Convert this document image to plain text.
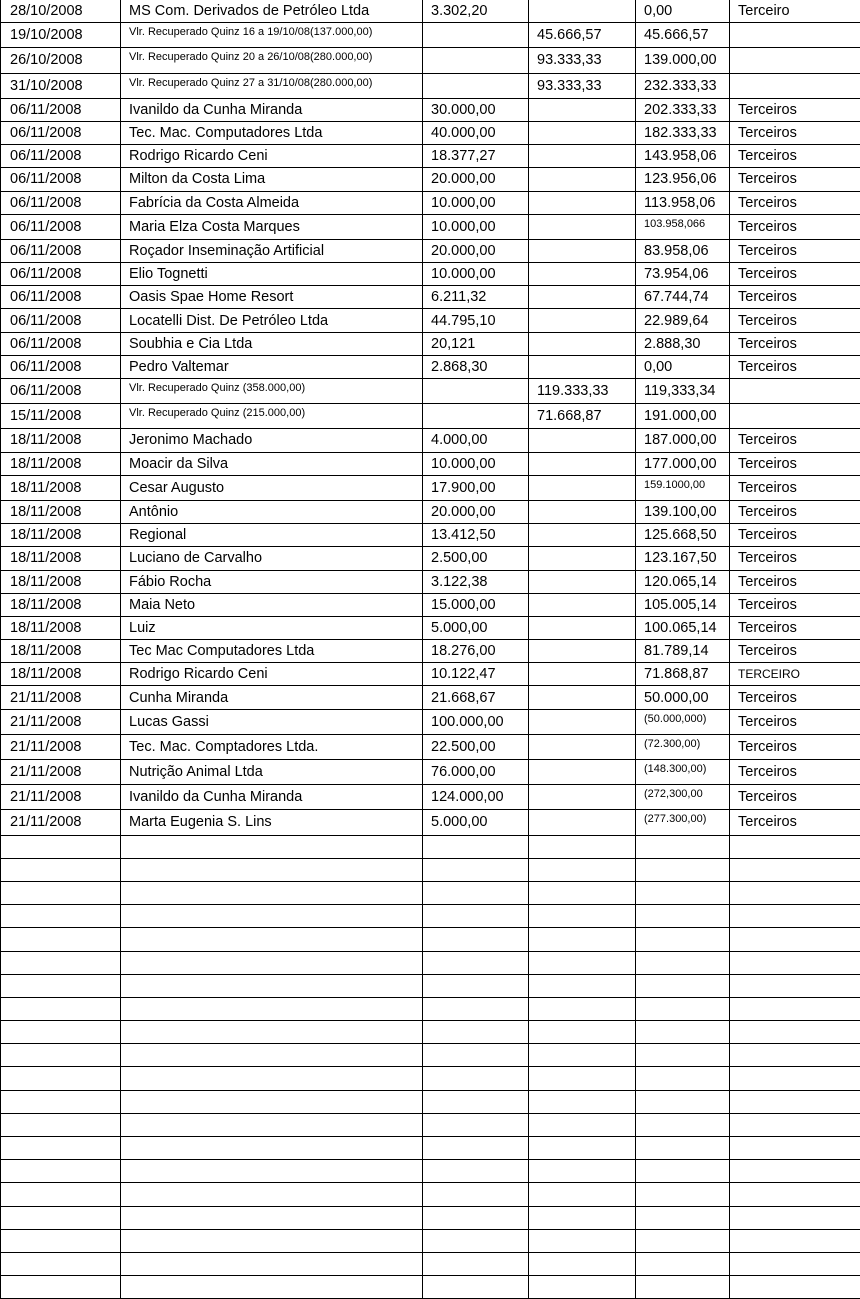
28/10/2008	MS Com. Derivados de Petróleo Ltda	3.302,20		0,00	Terceiro
19/10/2008	Vlr. Recuperado Quinz 16 a 19/10/08(137.000,00)		45.666,57	45.666,57	
26/10/2008	Vlr. Recuperado Quinz 20 a 26/10/08(280.000,00)		93.333,33	139.000,00	
31/10/2008	Vlr. Recuperado Quinz 27 a 31/10/08(280.000,00)		93.333,33	232.333,33	
06/11/2008	Ivanildo da Cunha Miranda	30.000,00		202.333,33	Terceiros
06/11/2008	Tec. Mac. Computadores Ltda	40.000,00		182.333,33	Terceiros
06/11/2008	Rodrigo Ricardo Ceni	18.377,27		143.958,06	Terceiros
06/11/2008	Milton da Costa Lima	20.000,00		123.956,06	Terceiros
06/11/2008	Fabrícia da Costa Almeida	10.000,00		113.958,06	Terceiros
06/11/2008	Maria Elza Costa Marques	10.000,00		103.958,066	Terceiros
06/11/2008	Roçador Inseminação Artificial	20.000,00		83.958,06	Terceiros
06/11/2008	Elio Tognetti	10.000,00		73.954,06	Terceiros
06/11/2008	Oasis Spae Home Resort	6.211,32		67.744,74	Terceiros
06/11/2008	Locatelli Dist. De Petróleo Ltda	44.795,10		22.989,64	Terceiros
06/11/2008	Soubhia e Cia Ltda	20,121		2.888,30	Terceiros
06/11/2008	Pedro Valtemar	2.868,30		0,00	Terceiros
06/11/2008	Vlr. Recuperado Quinz (358.000,00)		119.333,33	119,333,34	
15/11/2008	Vlr. Recuperado Quinz (215.000,00)		71.668,87	191.000,00	
18/11/2008	Jeronimo Machado	4.000,00		187.000,00	Terceiros
18/11/2008	Moacir da Silva	10.000,00		177.000,00	Terceiros
18/11/2008	Cesar Augusto	17.900,00		159.1000,00	Terceiros
18/11/2008	Antônio	20.000,00		139.100,00	Terceiros
18/11/2008	Regional	13.412,50		125.668,50	Terceiros
18/11/2008	Luciano de Carvalho	2.500,00		123.167,50	Terceiros
18/11/2008	Fábio Rocha	3.122,38		120.065,14	Terceiros
18/11/2008	Maia Neto	15.000,00		105.005,14	Terceiros
18/11/2008	Luiz	5.000,00		100.065,14	Terceiros
18/11/2008	Tec Mac Computadores Ltda	18.276,00		81.789,14	Terceiros
18/11/2008	Rodrigo Ricardo Ceni	10.122,47		71.868,87	TERCEIRO
21/11/2008	Cunha Miranda	21.668,67		50.000,00	Terceiros
21/11/2008	Lucas Gassi	100.000,00		(50.000,000)	Terceiros
21/11/2008	Tec. Mac. Comptadores Ltda.	22.500,00		(72.300,00)	Terceiros
21/11/2008	Nutrição Animal Ltda	76.000,00		(148.300,00)	Terceiros
21/11/2008	Ivanildo da Cunha Miranda	124.000,00		(272,300,00	Terceiros
21/11/2008	Marta Eugenia S. Lins	5.000,00		(277.300,00)	Terceiros
